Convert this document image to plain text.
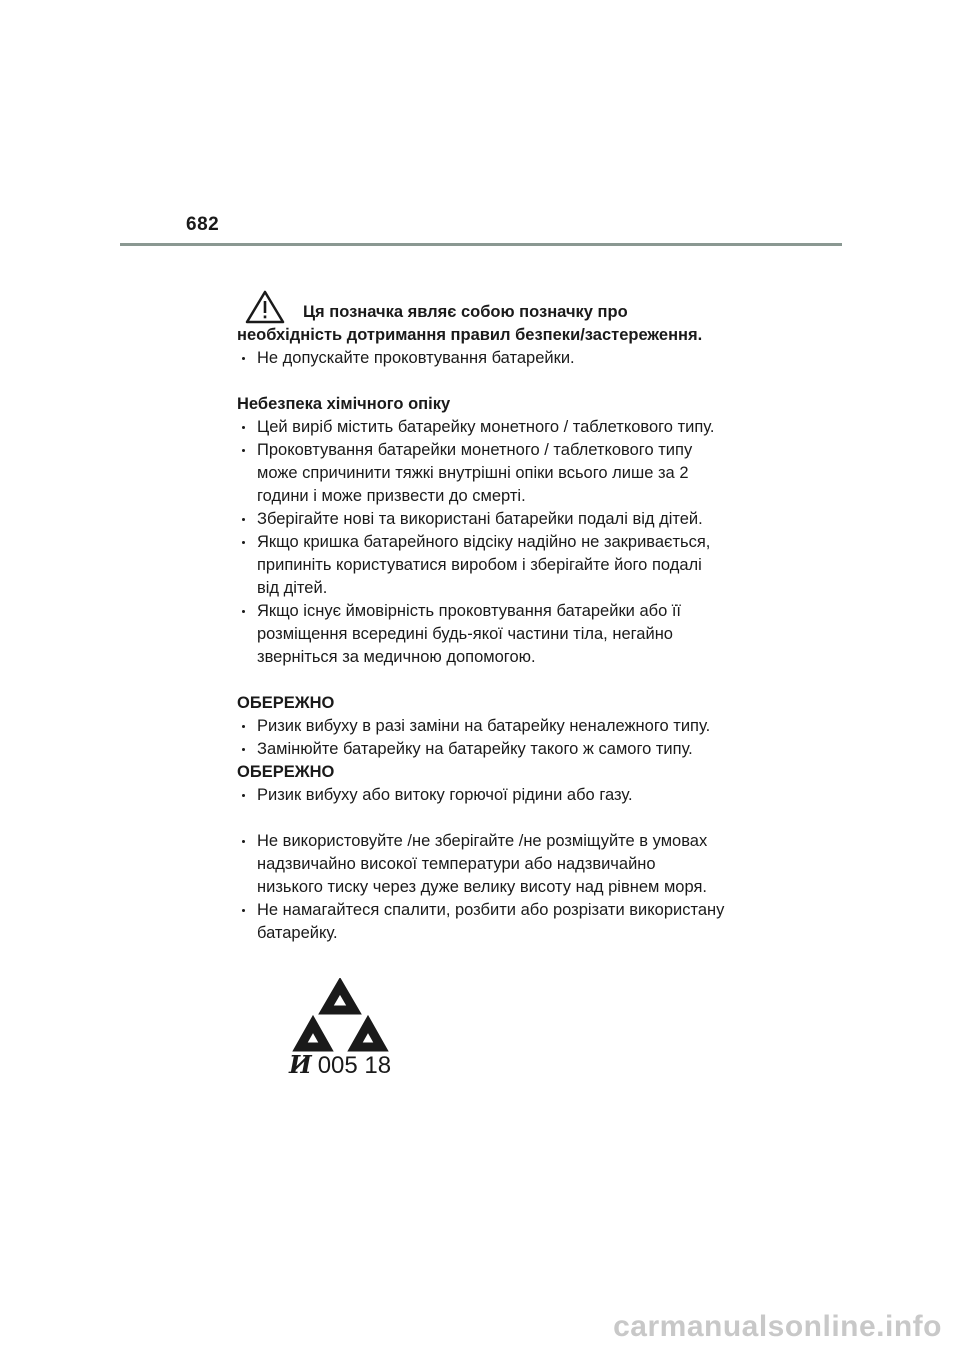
682
Ця позначка являє собою позначку про
необхідність дотримання правил безпеки/застереження.
Не допускайте проковтування батарейки.
Небезпека хімічного опіку
Цей виріб містить батарейку монетного / таблеткового типу.
Проковтування батарейки монетного / таблеткового типу
може спричинити тяжкі внутрішні опіки всього лише за 2
години і може призвести до смерті.
Зберігайте нові та використані батарейки подалі від дітей.
Якщо кришка батарейного відсіку надійно не закривається,
припиніть користуватися виробом і зберігайте його подалі
від дітей.
Якщо існує ймовірність проковтування батарейки або її
розміщення всередині будь-якої частини тіла, негайно
зверніться за медичною допомогою.
ОБЕРЕЖНО
Ризик вибуху в разі заміни на батарейку неналежного типу.
Замінюйте батарейку на батарейку такого ж самого типу.
ОБЕРЕЖНО
Ризик вибуху або витоку горючої рідини або газу.
Не використовуйте /не зберігайте /не розміщуйте в умовах
надзвичайно високої температури або надзвичайно
низького тиску через дуже велику висоту над рівнем моря.
Не намагайтеся спалити, розбити або розрізати використану
батарейку.
И 005 18
carmanualsonline.info
